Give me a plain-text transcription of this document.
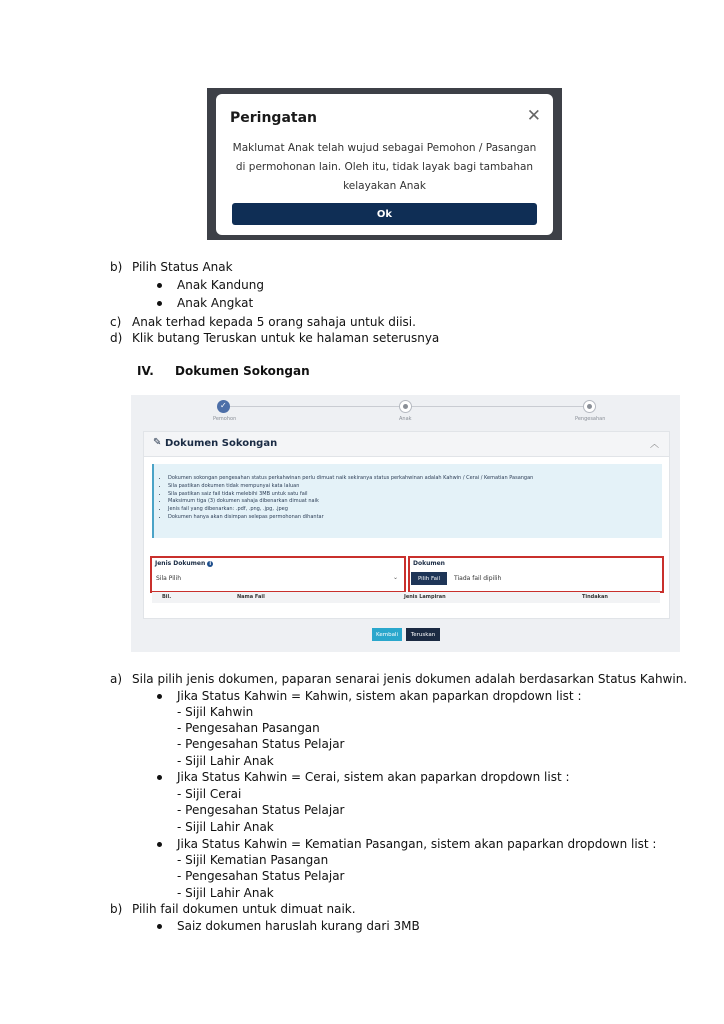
Peringatan	✕
Maklumat Anak telah wujud sebagai Pemohon / Pasangan di permohonan lain. Oleh itu, tidak layak bagi tambahan kelayakan Anak
Ok
b) Pilih Status Anak
Anak Kandung
Anak Angkat
c) Anak terhad kepada 5 orang sahaja untuk diisi.
d) Klik butang Teruskan untuk ke halaman seterusnya
IV. Dokumen Sokongan
✓
Pemohon	Anak	Pengesahan
✎ Dokumen Sokongan	︿
• Dokumen sokongan pengesahan status perkahwinan perlu dimuat naik sekiranya status perkahwinan adalah Kahwin / Cerai / Kematian Pasangan
• Sila pastikan dokumen tidak mempunyai kata laluan
• Sila pastikan saiz fail tidak melebihi 3MB untuk satu fail
• Maksimum tiga (3) dokumen sahaja dibenarkan dimuat naik
• Jenis fail yang dibenarkan: .pdf, .png, .jpg, .jpeg
• Dokumen hanya akan disimpan selepas permohonan dihantar
Jenis Dokumen i
Sila Pilih	⌄
Dokumen
Pilih Fail	Tiada fail dipilih
Bil.	Nama Fail	Jenis Lampiran	Tindakan
Kembali	Teruskan
a) Sila pilih jenis dokumen, paparan senarai jenis dokumen adalah berdasarkan Status Kahwin.
Jika Status Kahwin = Kahwin, sistem akan paparkan dropdown list :
- Sijil Kahwin
- Pengesahan Pasangan
- Pengesahan Status Pelajar
- Sijil Lahir Anak
Jika Status Kahwin = Cerai, sistem akan paparkan dropdown list :
- Sijil Cerai
- Pengesahan Status Pelajar
- Sijil Lahir Anak
Jika Status Kahwin = Kematian Pasangan, sistem akan paparkan dropdown list :
- Sijil Kematian Pasangan
- Pengesahan Status Pelajar
- Sijil Lahir Anak
b) Pilih fail dokumen untuk dimuat naik.
Saiz dokumen haruslah kurang dari 3MB
